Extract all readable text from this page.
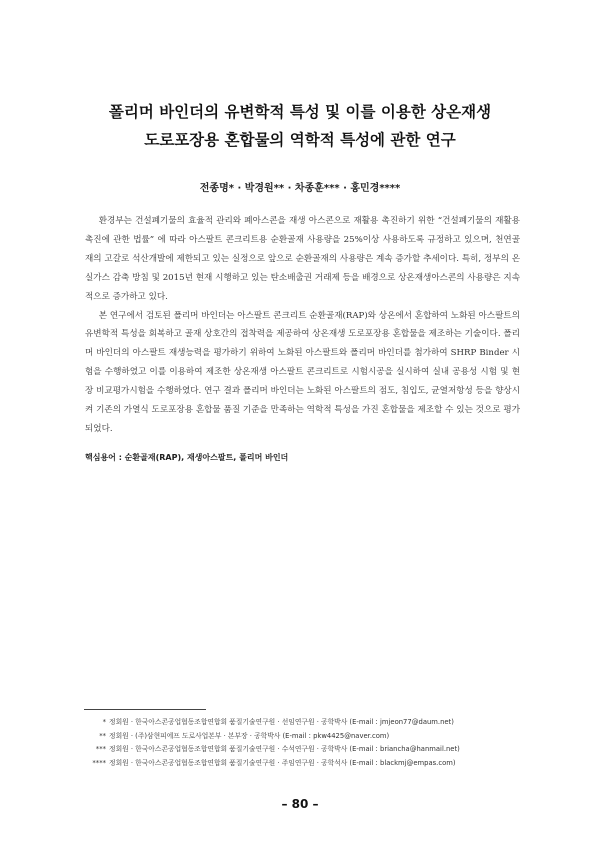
폴리머 바인더의 유변학적 특성 및 이를 이용한 상온재생
도로포장용 혼합물의 역학적 특성에 관한 연구
전종명* · 박경원** · 차종훈*** · 홍민경****

환경부는 건설폐기물의 효율적 관리와 폐아스콘을 재생 아스콘으로 재활용 촉진하기 위한 “건설폐기물의 재활용촉진에 관한 법률” 에 따라 아스팔트 콘크리트용 순환골재 사용량을 25%이상 사용하도록 규정하고 있으며, 천연골재의 고갈로 석산개발에 제한되고 있는 실정으로 앞으로 순환골재의 사용량은 계속 증가할 추세이다. 특히, 정부의 온실가스 감축 방침 및 2015년 현재 시행하고 있는 탄소배출권 거래제 등을 배경으로 상온재생아스콘의 사용량은 지속적으로 증가하고 있다.

본 연구에서 검토된 폴리머 바인더는 아스팔트 콘크리트 순환골재(RAP)와 상온에서 혼합하여 노화된 아스팔트의 유변학적 특성을 회복하고 골재 상호간의 접착력을 제공하여 상온재생 도로포장용 혼합물을 제조하는 기술이다. 폴리머 바인더의 아스팔트 재생능력을 평가하기 위하여 노화된 아스팔트와 폴리머 바인더를 첨가하여 SHRP Binder 시험을 수행하였고 이를 이용하여 제조한 상온재생 아스팔트 콘크리트로 시험시공을 실시하여 실내 공용성 시험 및 현장 비교평가시험을 수행하였다. 연구 결과 폴리머 바인더는 노화된 아스팔트의 점도, 침입도, 균열저항성 등을 향상시켜 기존의 가열식 도로포장용 혼합물 품질 기준을 만족하는 역학적 특성을 가진 혼합물을 제조할 수 있는 것으로 평가되었다.

핵심용어 : 순환골재(RAP), 재생아스팔트, 폴리머 바인더
* 정회원 · 한국아스콘공업협동조합연합회 품질기술연구원 · 선임연구원 · 공학박사 (E-mail : jmjeon77@daum.net)
** 정회원 · (주)삼현피에프 도로사업본부 · 본부장 · 공학박사 (E-mail : pkw4425@naver.com)
*** 정회원 · 한국아스콘공업협동조합연합회 품질기술연구원 · 수석연구원 · 공학박사 (E-mail : briancha@hanmail.net)
**** 정회원 · 한국아스콘공업협동조합연합회 품질기술연구원 · 주임연구원 · 공학석사 (E-mail : blackmj@empas.com)
– 80 –
